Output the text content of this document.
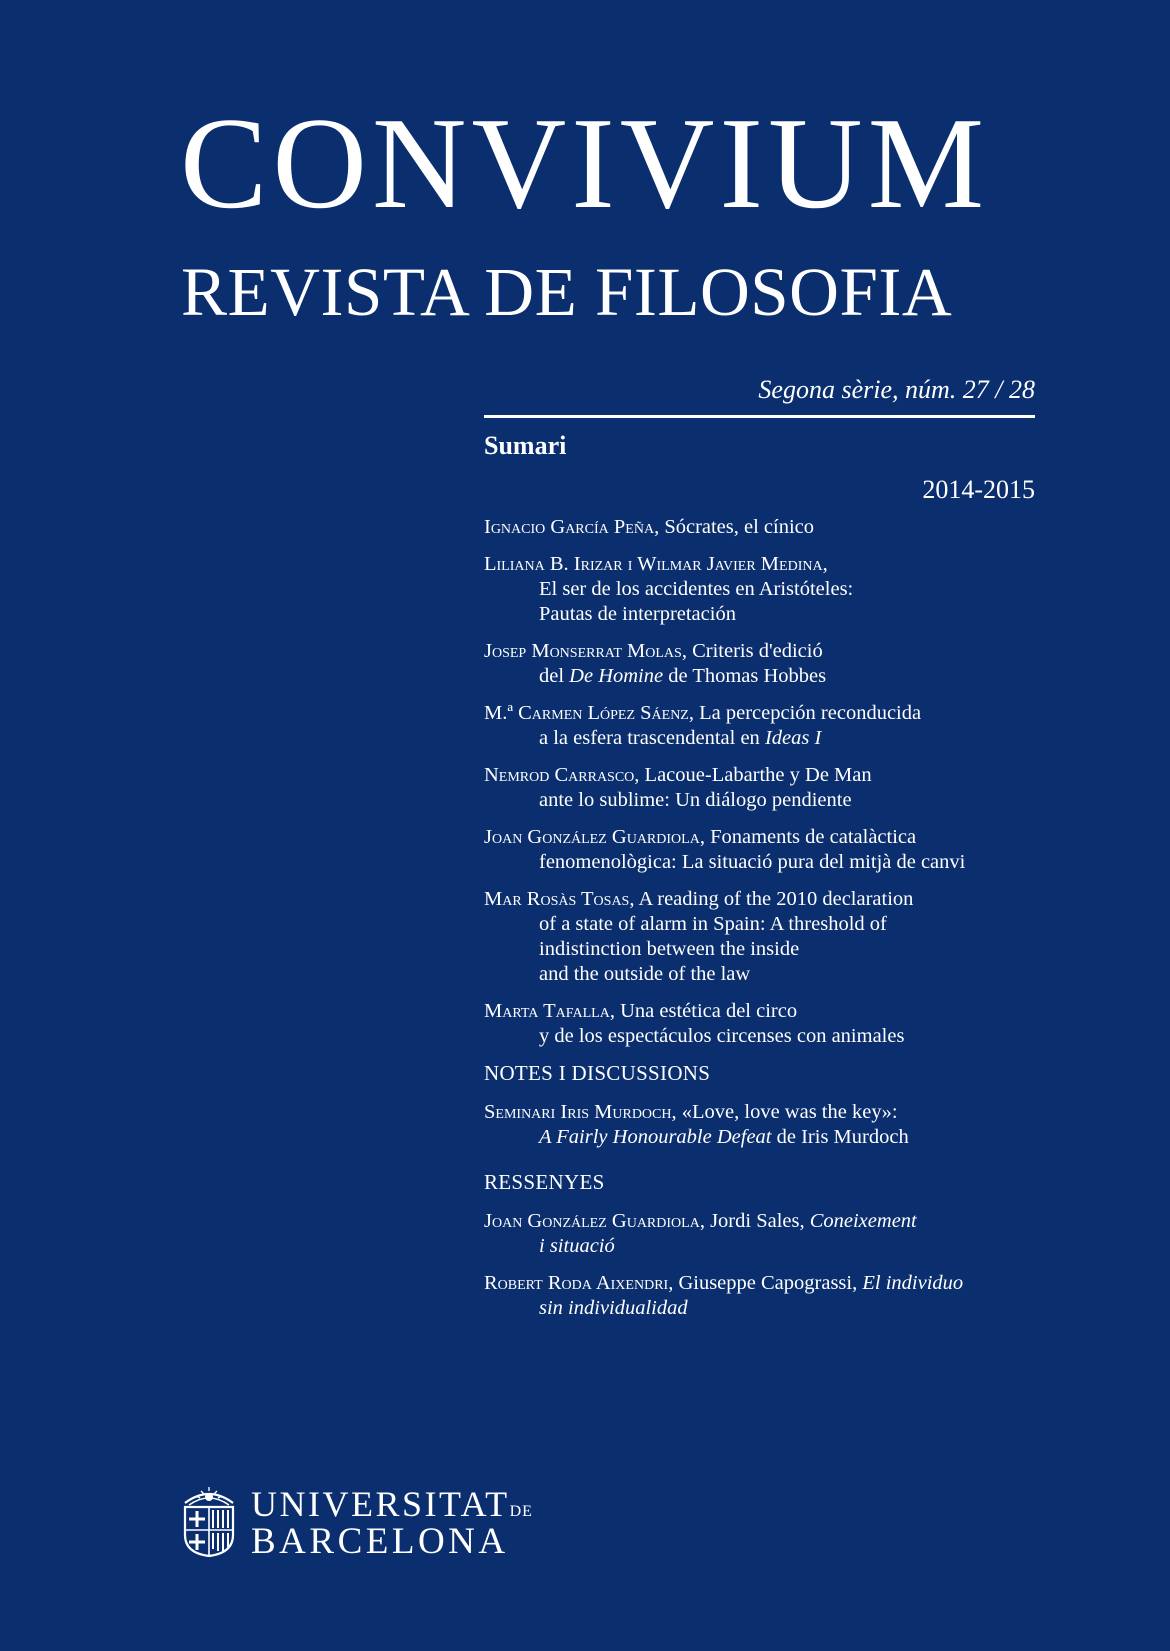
CONVIVIUM
REVISTA DE FILOSOFIA
Segona sèrie, núm. 27 / 28
Sumari
2014-2015
Ignacio García Peña, Sócrates, el cínico
Liliana B. Irizar i Wilmar Javier Medina,
El ser de los accidentes en Aristóteles:
Pautas de interpretación
Josep Monserrat Molas, Criteris d'edició
del De Homine de Thomas Hobbes
M.ª Carmen López Sáenz, La percepción reconducida
a la esfera trascendental en Ideas I
Nemrod Carrasco, Lacoue-Labarthe y De Man
ante lo sublime: Un diálogo pendiente
Joan González Guardiola, Fonaments de catalàctica
fenomenològica: La situació pura del mitjà de canvi
Mar Rosàs Tosas, A reading of the 2010 declaration
of a state of alarm in Spain: A threshold of
indistinction between the inside
and the outside of the law
Marta Tafalla, Una estética del circo
y de los espectáculos circenses con animales
NOTES I DISCUSSIONS
Seminari Iris Murdoch, «Love, love was the key»:
A Fairly Honourable Defeat de Iris Murdoch
RESSENYES
Joan González Guardiola, Jordi Sales, Coneixement
i situació
Robert Roda Aixendri, Giuseppe Capograssi, El individuo
sin individualidad
UNIVERSITATDE
BARCELONA
